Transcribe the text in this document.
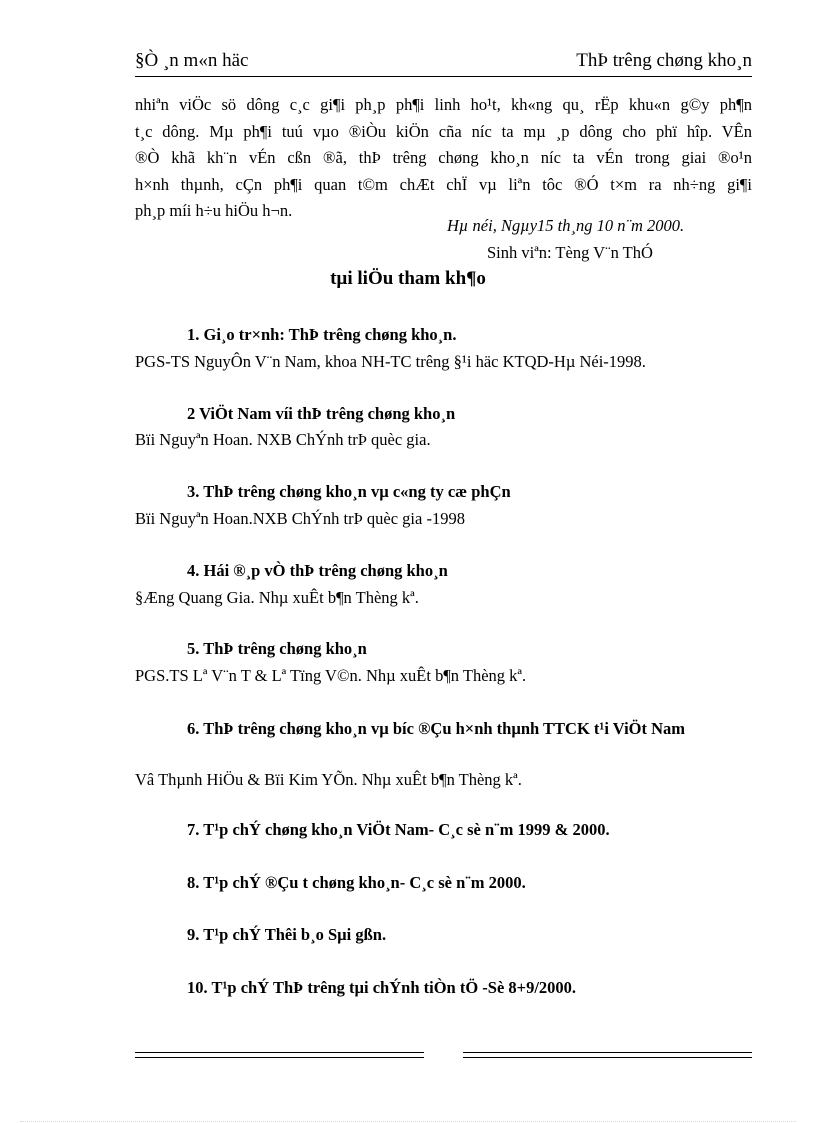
§Ò ¸n m«n häc	ThÞ trêng chøng kho¸n
nhiªn viÖc sö dông c¸c gi¶i ph¸p ph¶i linh ho¹t, kh«ng qu¸ rËp khu«n g©y ph¶n
t¸c dông. Mµ ph¶i tuú vµo ®iÒu kiÖn cña níc ta mµ ¸p dông cho phï hîp. VÊn
®Ò khã kh¨n vÉn cßn ®ã, thÞ trêng chøng kho¸n níc ta vÉn trong giai ®o¹n
h×nh thµnh, cÇn ph¶i quan t©m chÆt chÏ vµ liªn tôc ®Ó t×m ra nh÷ng gi¶i
ph¸p míi h÷u hiÖu h¬n.
Hµ néi, Ngµy15 th¸ng 10 n¨m 2000.
Sinh viªn: Tèng V¨n ThÓ
tµi liÖu tham kh¶o
1. Gi¸o tr×nh: ThÞ trêng chøng kho¸n.
PGS-TS NguyÔn V¨n Nam, khoa NH-TC trêng §¹i häc KTQD-Hµ Néi-1998.
2 ViÖt Nam víi thÞ trêng chøng kho¸n
Bïi Nguyªn Hoan. NXB ChÝnh trÞ quèc gia.
3. ThÞ trêng chøng kho¸n vµ c«ng ty cæ phÇn
Bïi Nguyªn Hoan.NXB ChÝnh trÞ quèc gia -1998
4. Hái ®¸p vÒ thÞ trêng chøng kho¸n
§Æng Quang Gia. Nhµ xuÊt b¶n Thèng kª.
5. ThÞ trêng chøng kho¸n
PGS.TS Lª V¨n T & Lª Tïng V©n. Nhµ xuÊt b¶n Thèng kª.
6. ThÞ trêng chøng kho¸n vµ bíc ®Çu h×nh thµnh TTCK t¹i ViÖt Nam
Vâ Thµnh HiÖu & Bïi Kim YÕn. Nhµ xuÊt b¶n Thèng kª.
7. T¹p chÝ chøng kho¸n ViÖt Nam- C¸c sè n¨m 1999 & 2000.
8. T¹p chÝ ®Çu t chøng kho¸n- C¸c sè n¨m 2000.
9. T¹p chÝ Thêi b¸o Sµi gßn.
10. T¹p chÝ ThÞ trêng tµi chÝnh tiÒn tÖ -Sè 8+9/2000.
